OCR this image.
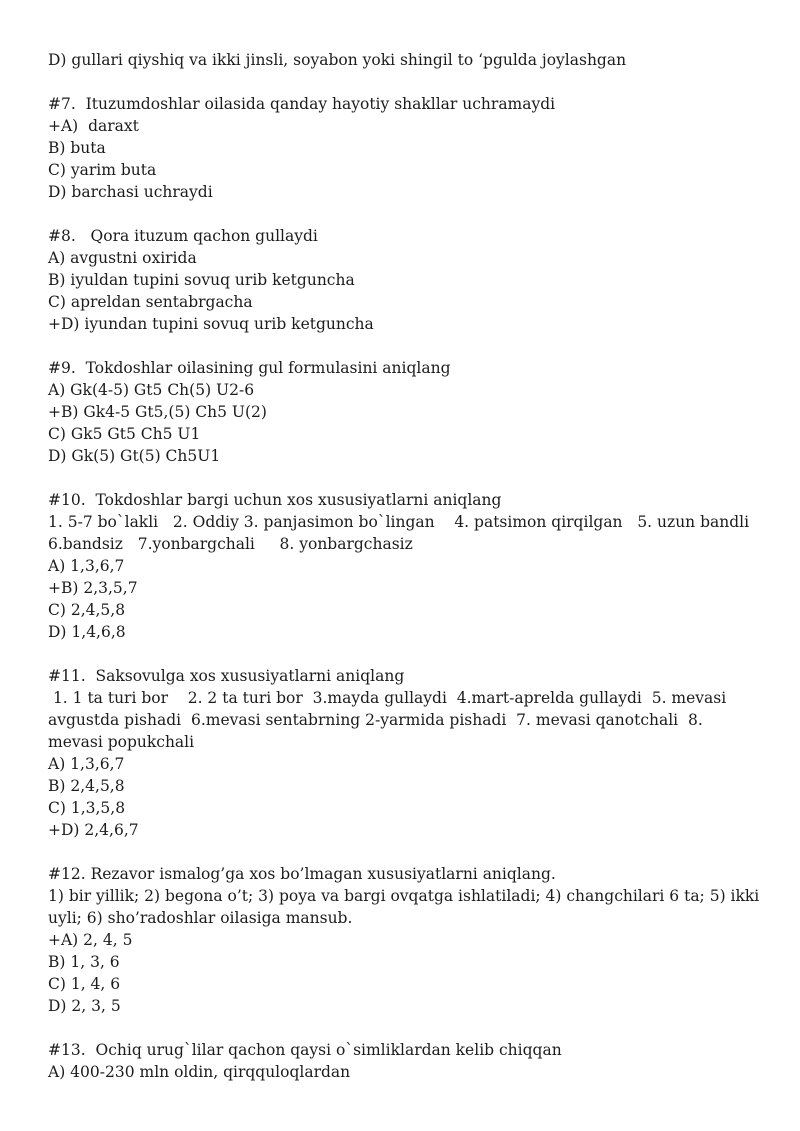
D) gullari qiyshiq va ikki jinsli, soyabon yoki shingil to ‘pgulda joylashgan
#7.  Ituzumdoshlar oilasida qanday hayotiy shakllar uchramaydi
+A)  daraxt
B) buta
C) yarim buta
D) barchasi uchraydi
#8.   Qora ituzum qachon gullaydi
A) avgustni oxirida
B) iyuldan tupini sovuq urib ketguncha
C) apreldan sentabrgacha
+D) iyundan tupini sovuq urib ketguncha
#9.  Tokdoshlar oilasining gul formulasini aniqlang
A) Gk(4-5) Gt5 Ch(5) U2-6
+B) Gk4-5 Gt5,(5) Ch5 U(2)
C) Gk5 Gt5 Ch5 U1
D) Gk(5) Gt(5) Ch5U1
#10.  Tokdoshlar bargi uchun xos xususiyatlarni aniqlang
1. 5-7 bo`lakli   2. Oddiy 3. panjasimon bo`lingan    4. patsimon qirqilgan   5. uzun bandli 6.bandsiz   7.yonbargchali     8. yonbargchasiz
A) 1,3,6,7
+B) 2,3,5,7
C) 2,4,5,8
D) 1,4,6,8
#11.  Saksovulga xos xususiyatlarni aniqlang
1. 1 ta turi bor    2. 2 ta turi bor  3.mayda gullaydi  4.mart-aprelda gullaydi  5. mevasi avgustda pishadi  6.mevasi sentabrning 2-yarmida pishadi  7. mevasi qanotchali  8. mevasi popukchali
A) 1,3,6,7
B) 2,4,5,8
C) 1,3,5,8
+D) 2,4,6,7
#12. Rezavor ismalog’ga xos bo’lmagan xususiyatlarni aniqlang.
1) bir yillik; 2) begona o’t; 3) poya va bargi ovqatga ishlatiladi; 4) changchilari 6 ta; 5) ikki uyli; 6) sho’radoshlar oilasiga mansub.
+A) 2, 4, 5
B) 1, 3, 6
C) 1, 4, 6
D) 2, 3, 5
#13.  Ochiq urug`lilar qachon qaysi o`simliklardan kelib chiqqan
A) 400-230 mln oldin, qirqquloqlardan
